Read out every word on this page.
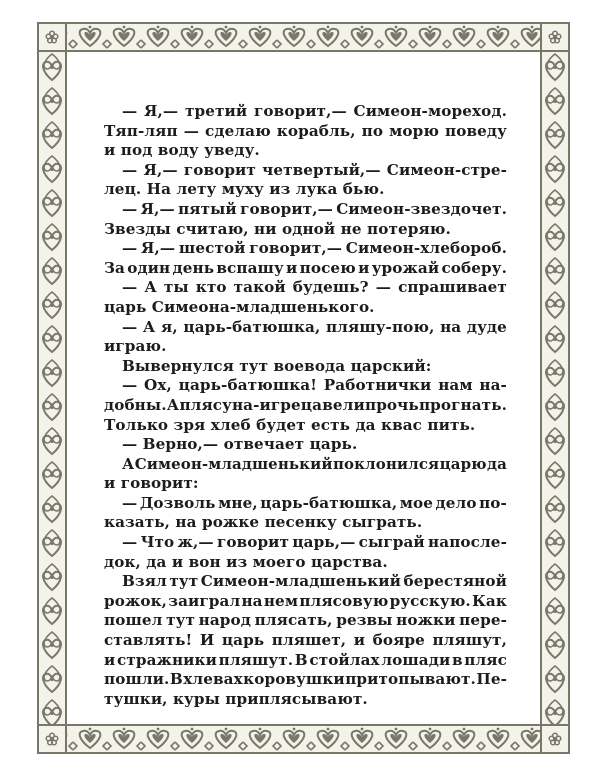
— Я,— третий говорит,— Симеон-мореход.
Тяп-ляп — сделаю корабль, по морю поведу
и под воду уведу.
— Я,— говорит четвертый,— Симеон-стре-
лец. На лету муху из лука бью.
— Я,— пятый говорит,— Симеон-звездочет.
Звезды считаю, ни одной не потеряю.
— Я,— шестой говорит,— Симеон-хлебороб.
За один день вспашу и посею и урожай соберу.
— А ты кто такой будешь? — спрашивает
царь Симеона-младшенького.
— А я, царь-батюшка, пляшу-пою, на дуде
играю.
Вывернулся тут воевода царский:
— Ох, царь-батюшка! Работнички нам на-
добны. А плясуна-игреца вели прочь прогнать.
Только зря хлеб будет есть да квас пить.
— Верно,— отвечает царь.
А Симеон-младшенький поклонился царю да
и говорит:
— Дозволь мне, царь-батюшка, мое дело по-
казать, на рожке песенку сыграть.
— Что ж,— говорит царь,— сыграй напосле-
док, да и вон из моего царства.
Взял тут Симеон-младшенький берестяной
рожок, заиграл на нем плясовую русскую. Как
пошел тут народ плясать, резвы ножки пере-
ставлять! И царь пляшет, и бояре пляшут,
и стражники пляшут. В стойлах лошади в пляс
пошли. В хлевах коровушки притопывают. Пе-
тушки, куры приплясывают.
